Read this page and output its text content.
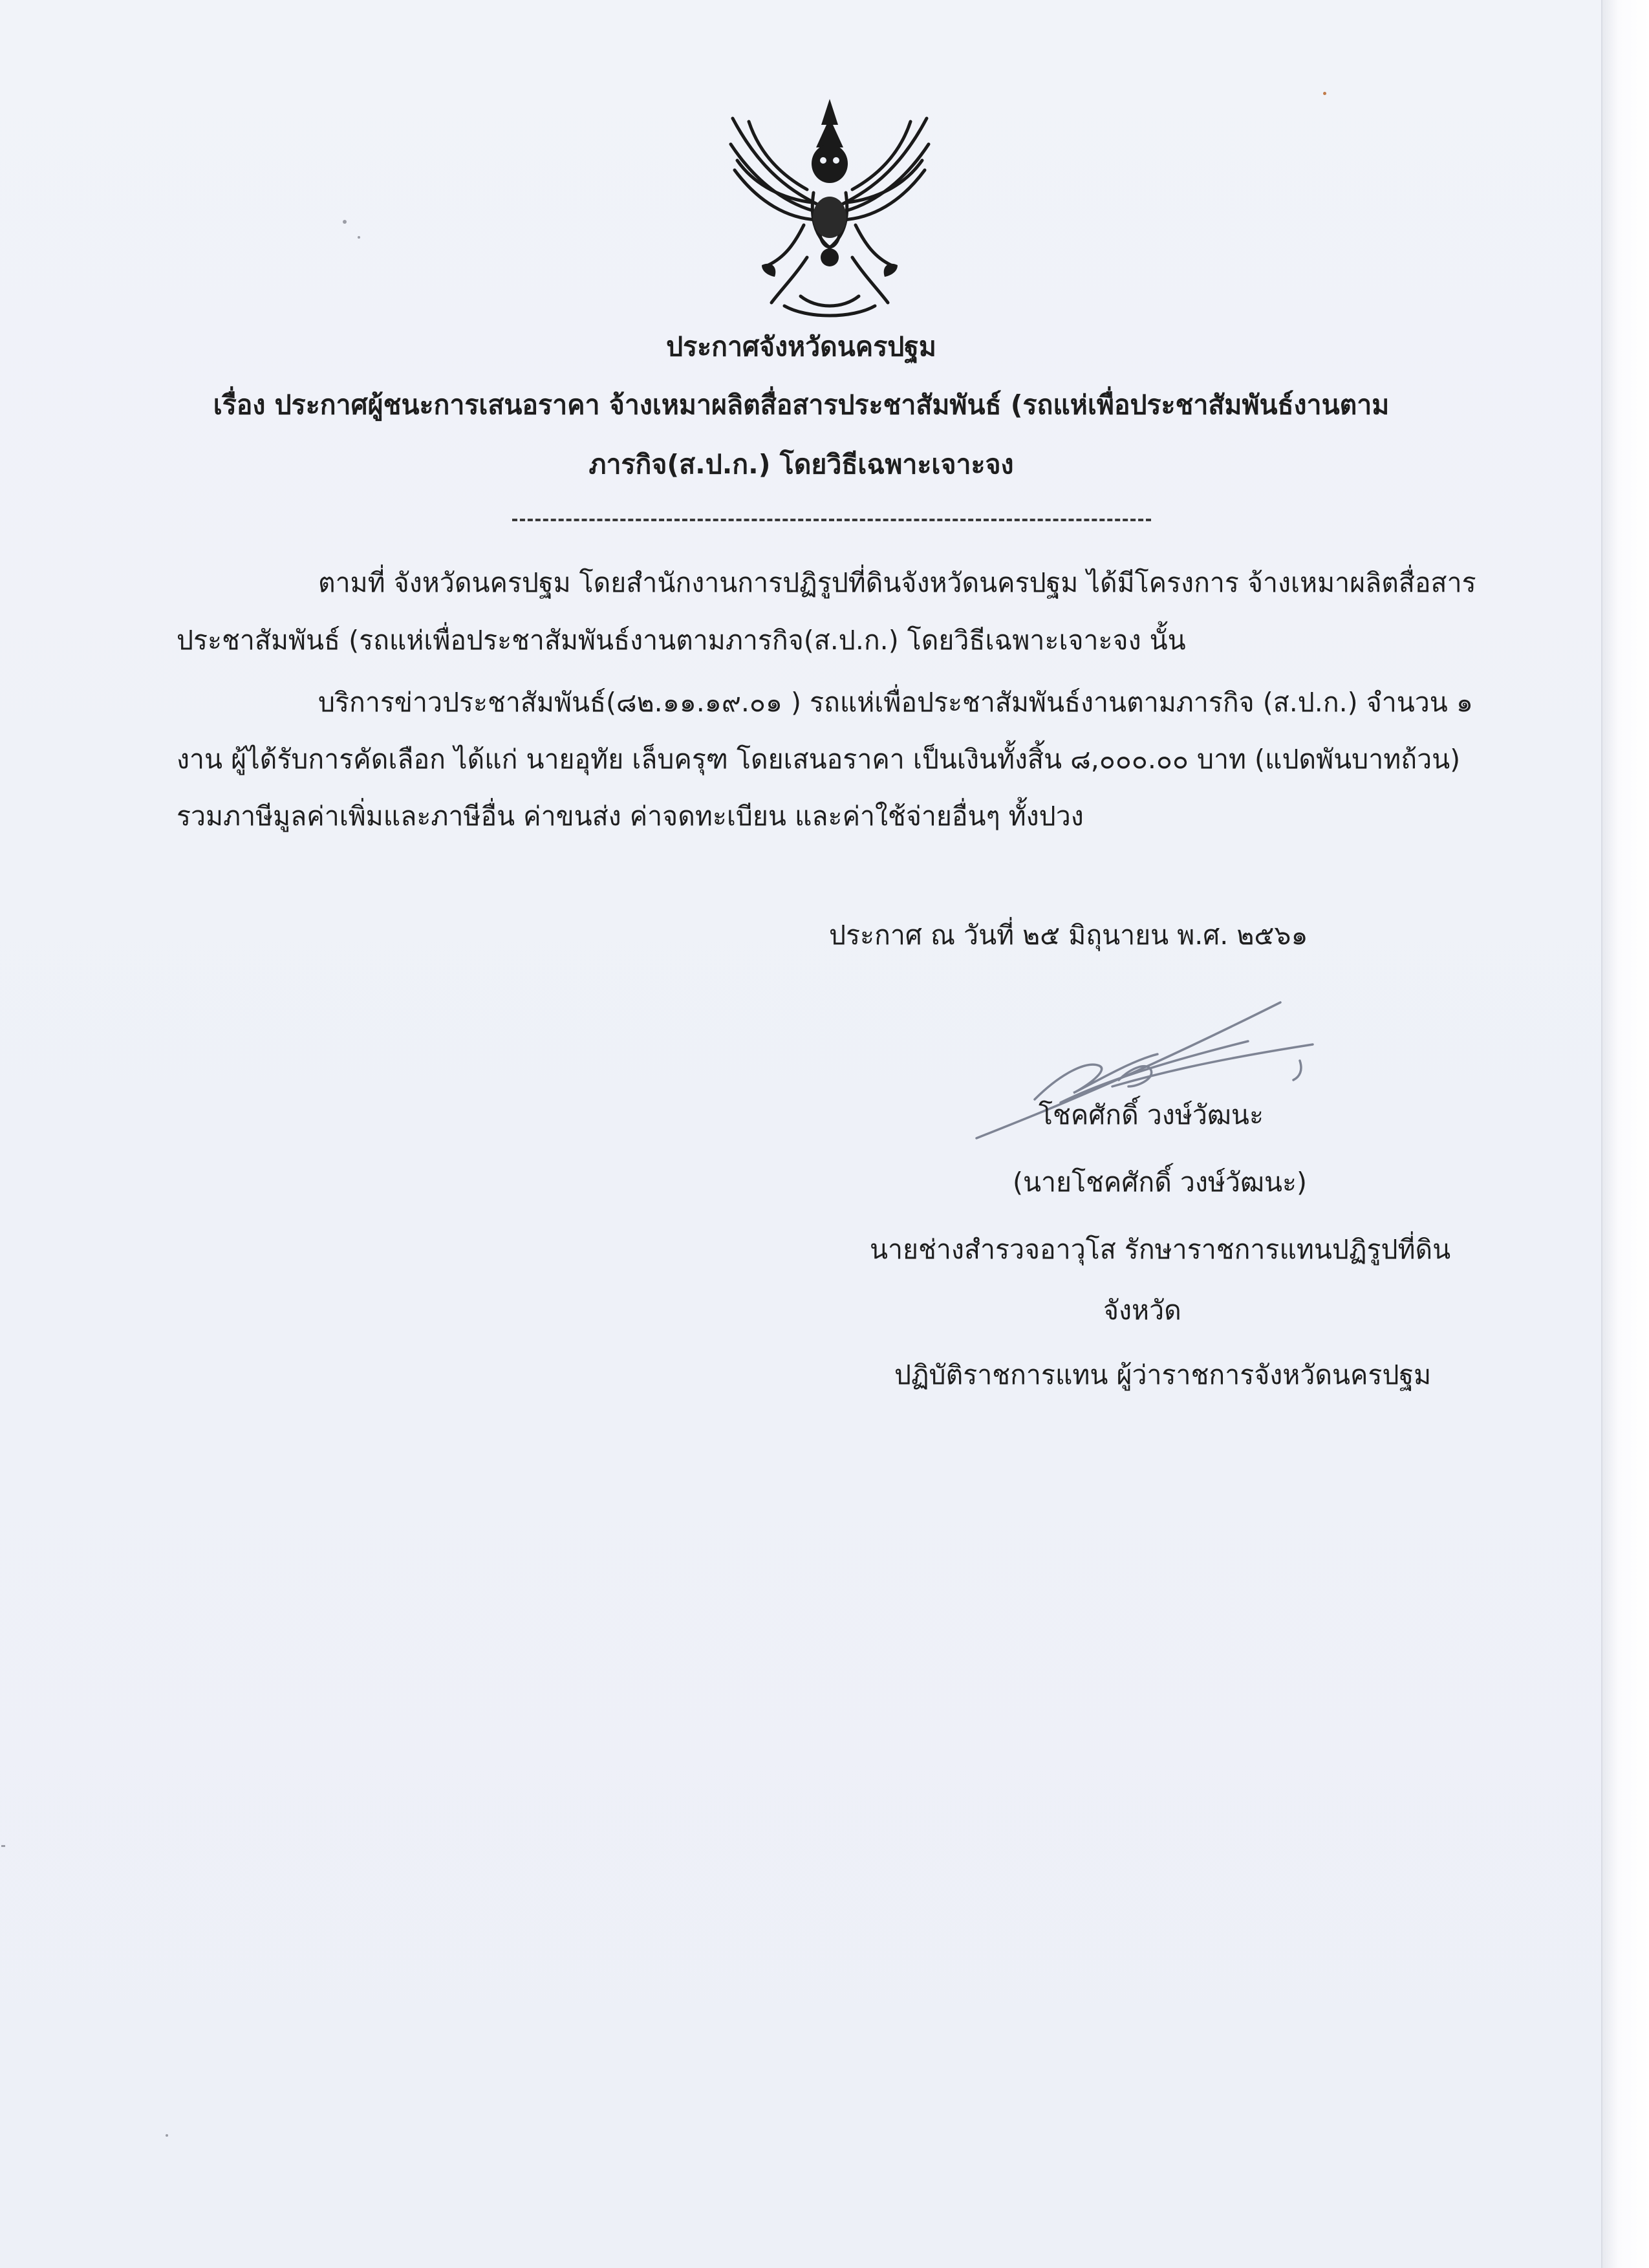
ประกาศจังหวัดนครปฐม

เรื่อง ประกาศผู้ชนะการเสนอราคา จ้างเหมาผลิตสื่อสารประชาสัมพันธ์ (รถแห่เพื่อประชาสัมพันธ์งานตาม

ภารกิจ(ส.ป.ก.) โดยวิธีเฉพาะเจาะจง

ตามที่ จังหวัดนครปฐม โดยสำนักงานการปฏิรูปที่ดินจังหวัดนครปฐม ได้มีโครงการ จ้างเหมาผลิตสื่อสาร

ประชาสัมพันธ์ (รถแห่เพื่อประชาสัมพันธ์งานตามภารกิจ(ส.ป.ก.) โดยวิธีเฉพาะเจาะจง นั้น

บริการข่าวประชาสัมพันธ์(๘๒.๑๑.๑๙.๐๑ ) รถแห่เพื่อประชาสัมพันธ์งานตามภารกิจ (ส.ป.ก.) จำนวน ๑

งาน ผู้ได้รับการคัดเลือก ได้แก่ นายอุทัย เล็บครุฑ โดยเสนอราคา เป็นเงินทั้งสิ้น ๘,๐๐๐.๐๐ บาท (แปดพันบาทถ้วน)

รวมภาษีมูลค่าเพิ่มและภาษีอื่น ค่าขนส่ง ค่าจดทะเบียน และค่าใช้จ่ายอื่นๆ ทั้งปวง

ประกาศ ณ วันที่ ๒๕ มิถุนายน พ.ศ. ๒๕๖๑

โชคศักดิ์ วงษ์วัฒนะ

(นายโชคศักดิ์ วงษ์วัฒนะ)

นายช่างสำรวจอาวุโส รักษาราชการแทนปฏิรูปที่ดิน

จังหวัด

ปฏิบัติราชการแทน ผู้ว่าราชการจังหวัดนครปฐม
